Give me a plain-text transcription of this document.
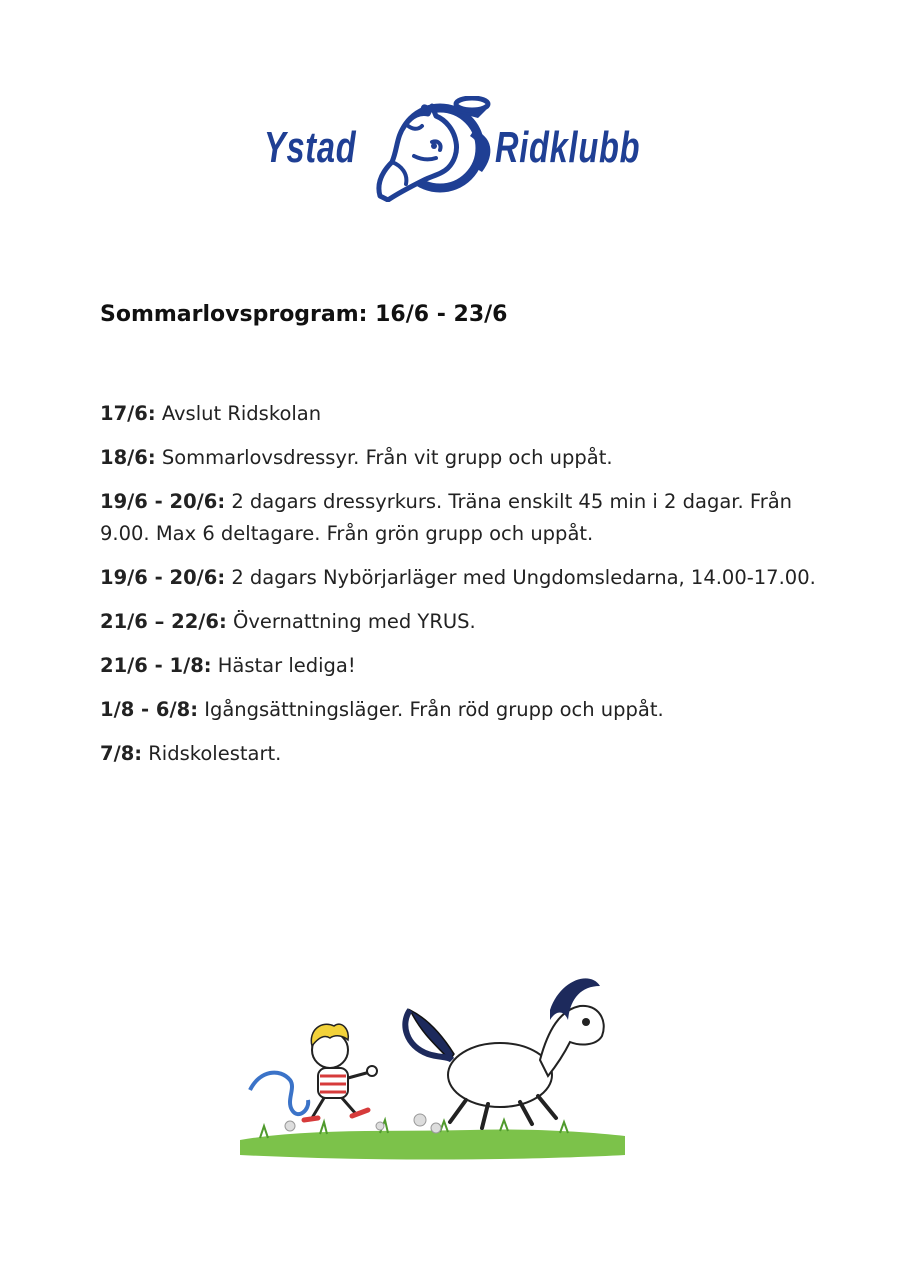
Ystad	Ridklubb
Sommarlovsprogram: 16/6 - 23/6

17/6: Avslut Ridskolan

18/6: Sommarlovsdressyr. Från vit grupp och uppåt.

19/6 - 20/6: 2 dagars dressyrkurs. Träna enskilt 45 min i 2 dagar. Från 9.00. Max 6 deltagare. Från grön grupp och uppåt.

19/6 - 20/6: 2 dagars Nybörjarläger med Ungdomsledarna, 14.00-17.00.

21/6 – 22/6: Övernattning med YRUS.

21/6 - 1/8: Hästar lediga!

1/8 - 6/8: Igångsättningsläger. Från röd grupp och uppåt.

7/8: Ridskolestart.
